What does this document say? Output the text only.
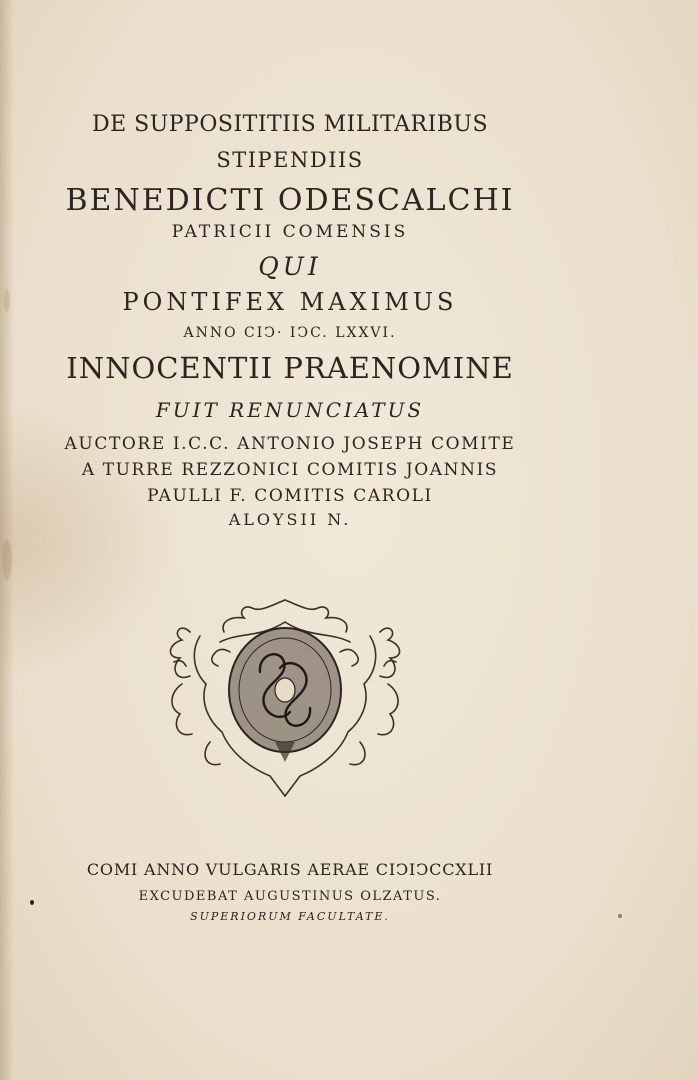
DE SUPPOSITITIIS MILITARIBUS
STIPENDIIS
BENEDICTI ODESCALCHI
PATRICII COMENSIS
QUI
PONTIFEX MAXIMUS
ANNO CIↃ· IↃC. LXXVI.
INNOCENTII PRAENOMINE
FUIT RENUNCIATUS
AUCTORE I.C.C. ANTONIO JOSEPH COMITE
A TURRE REZZONICI COMITIS JOANNIS
PAULLI F. COMITIS CAROLI
ALOYSII N.
COMI ANNO VULGARIS AERAE CIↃIↃCCXLII
EXCUDEBAT AUGUSTINUS OLZATUS.
SUPERIORUM FACULTATE.
